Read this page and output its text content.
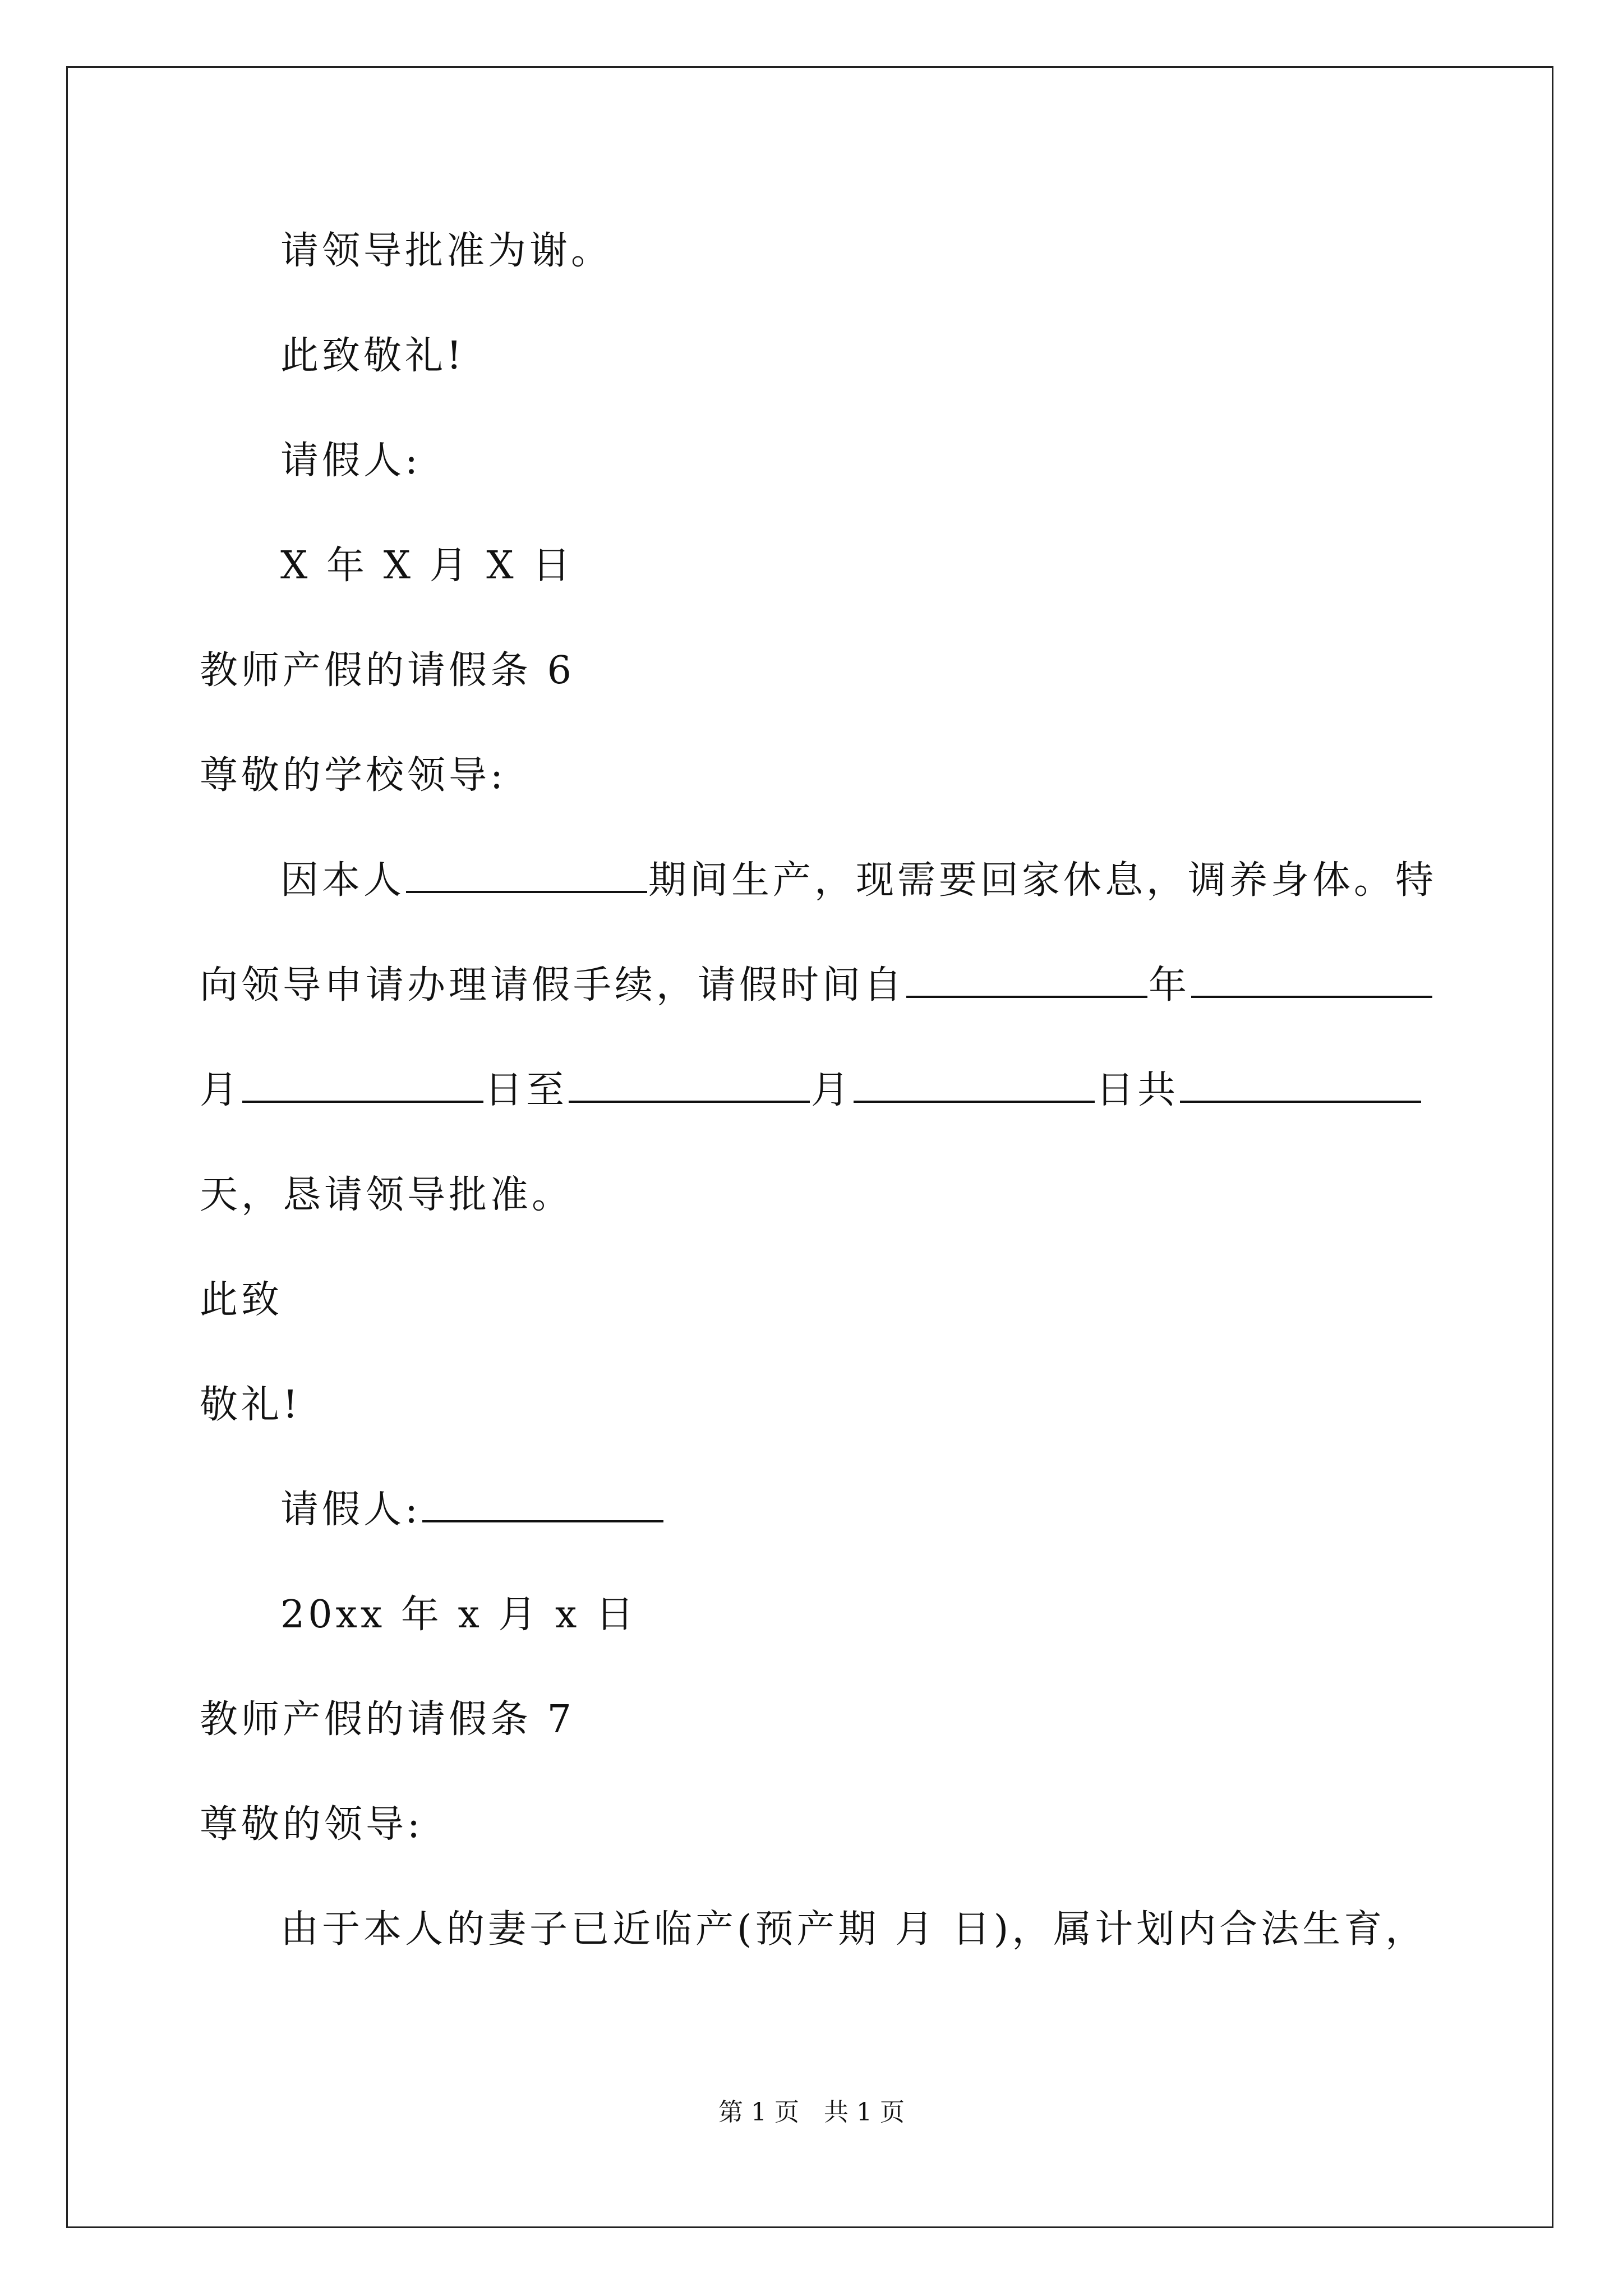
请领导批准为谢。
此致敬礼!
请假人:
X 年 X 月 X 日
教师产假的请假条 6
尊敬的学校领导:
因本人	期间生产，现需要回家休息，调养身体。特
向领导申请办理请假手续，请假时间自	年
月	日至	月	日共
天，恳请领导批准。
此致
敬礼!
请假人:
20xx 年 x 月 x 日
教师产假的请假条 7
尊敬的领导:
由于本人的妻子已近临产(预产期 月 日)，属计划内合法生育，
第 1 页　共 1 页
